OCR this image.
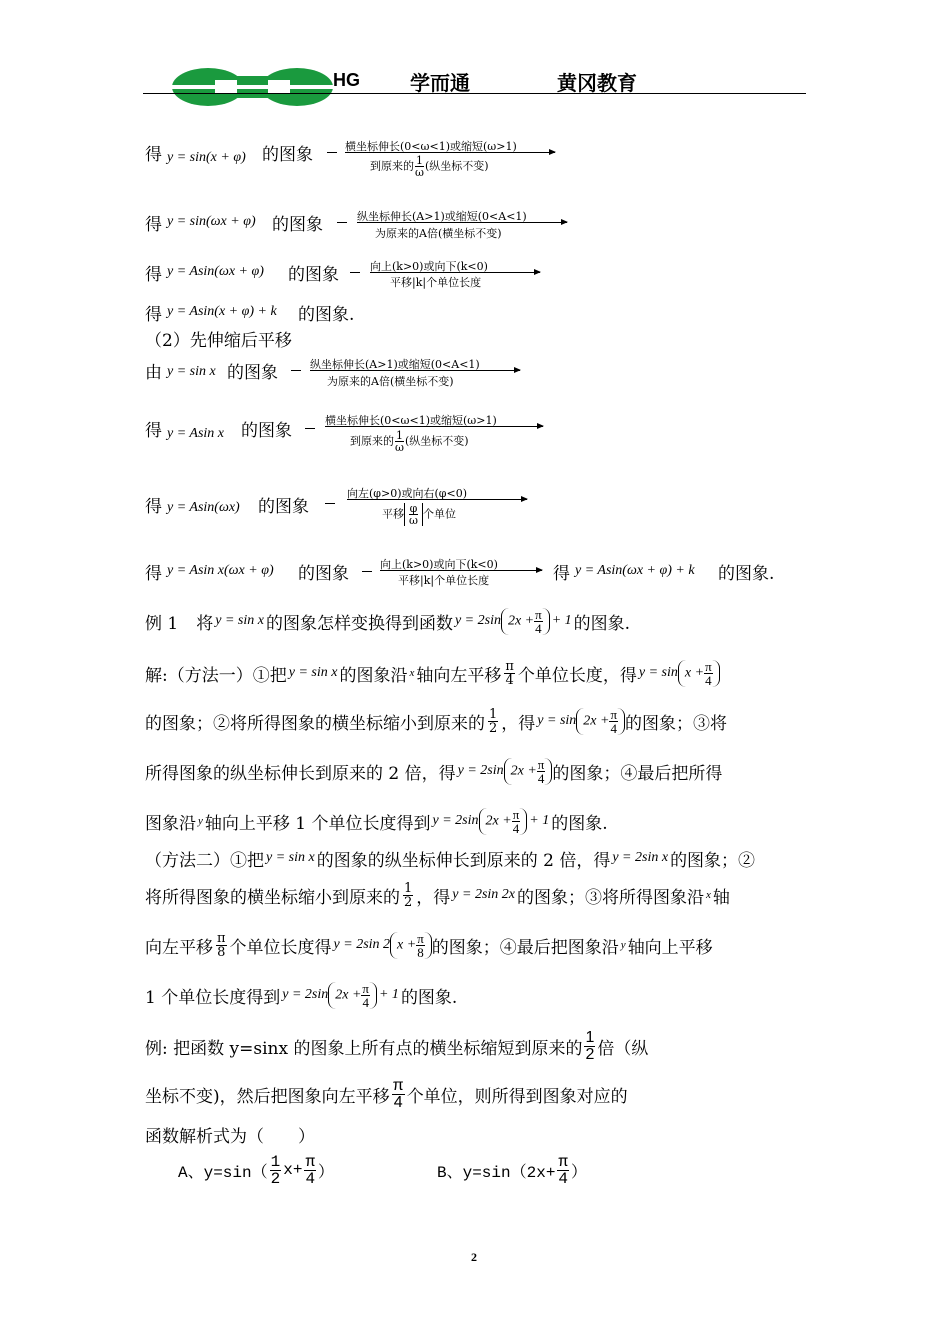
HG	学而通	黄冈教育
得 y = sin(x + φ) 的图象	横坐标伸长(0<ω<1)或缩短(ω>1)
到原来的 $\frac{1}{\omega}$ (纵坐标不变)
得 y = sin(ωx + φ) 的图象	纵坐标伸长(A>1)或缩短(0<A<1)
为原来的A倍(横坐标不变)
得 y = Asin(ωx + φ) 的图象	向上(k>0)或向下(k<0)
平移|k|个单位长度
得 y = Asin(x + φ) + k 的图象.
（2）先伸缩后平移
由 y = sin x 的图象	纵坐标伸长(A>1)或缩短(0<A<1)
为原来的A倍(横坐标不变)
得 y = Asin x 的图象
横坐标伸长(0<ω<1)或缩短(ω>1)
到原来的 $\frac{1}{\omega}$ (纵坐标不变)
得 y = Asin(ωx) 的图象
向左(φ>0)或向右(φ<0)
平移 $\frac{\varphi}{\omega}$ 个单位
得 y = Asin x(ωx + φ) 的图象	向上(k>0)或向下(k<0)
平移|k|个单位长度	得 y = Asin(ωx + φ) + k 的图象.
例 1 将 y = sin x 的图象怎样变换得到函数 y = 2sin $2x + \frac{\pi}{4} + 1$ 的图象.
解:（方法一）①把 y = sin x 的图象沿 x 轴向左平移 $\frac{\pi}{4}$ 个单位长度，得 $y = \sin x + \frac{\pi}{4}$
的图象；②将所得图象的横坐标缩小到原来的 $\frac{1}{2}$ ，得 $y = \sin 2x + \frac{\pi}{4}$ 的图象；③将
所得图象的纵坐标伸长到原来的 2 倍，得 y = 2sin $2x + \frac{\pi}{4}$ 的图象；④最后把所得
图象沿 y 轴向上平移 1 个单位长度得到 y = 2sin $2x + \frac{\pi}{4} + 1$ 的图象.
（方法二）①把 y = sin x 的图象的纵坐标伸长到原来的 2 倍，得 y = 2sin x 的图象；②
将所得图象的横坐标缩小到原来的 $\frac{1}{2}$ ，得 y = 2sin 2x 的图象；③将所得图象沿 x 轴
向左平移 $\frac{\pi}{8}$ 个单位长度得 y = 2sin 2 $x + \frac{\pi}{8}$ 的图象；④最后把图象沿 y 轴向上平移
1 个单位长度得到 y = 2sin $2x + \frac{\pi}{4} + 1$ 的图象.
例: 把函数 y=sinx 的图象上所有点的横坐标缩短到原来的 $\frac{1}{2}$ 倍（纵
坐标不变)，然后把图象向左平移 $\frac{\pi}{4}$ 个单位，则所得到图象对应的
函数解析式为（　　）
A、$y=\sin( \frac{1}{2} x+ \frac{\pi}{4}$ ）	B、$y=\sin(2x+ \frac{\pi}{4}$ ）
2
